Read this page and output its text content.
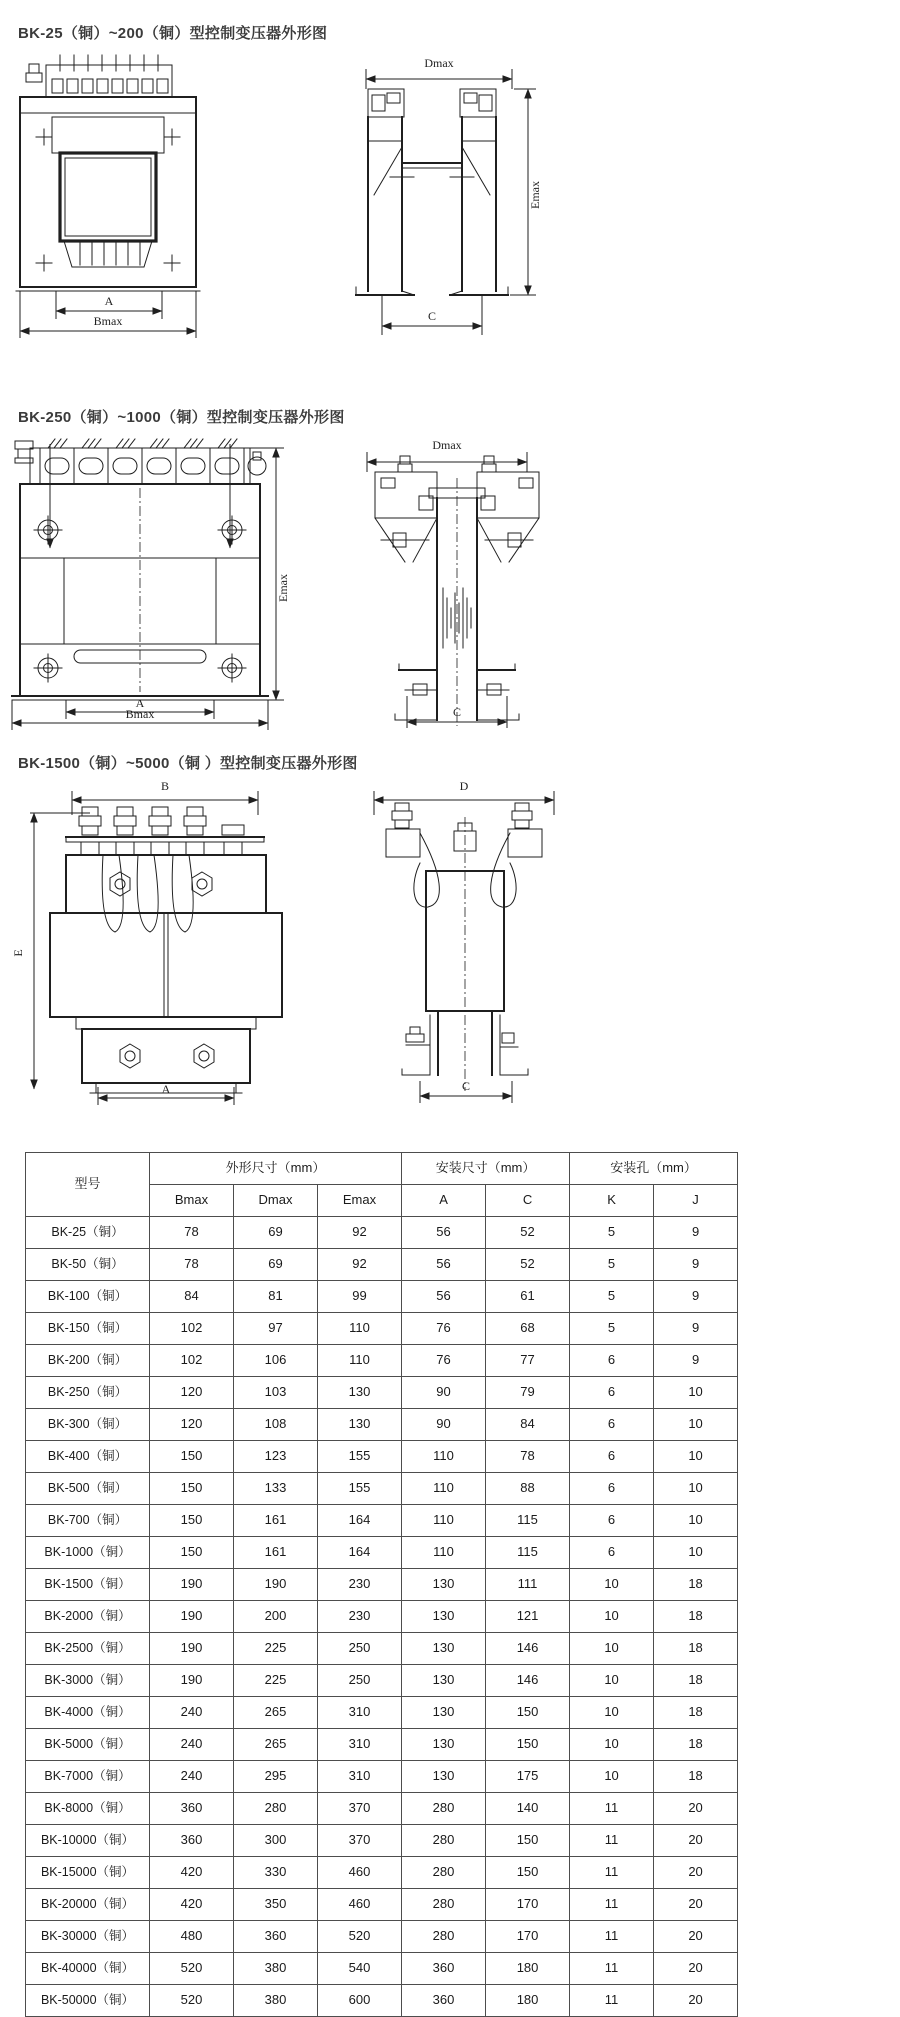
BK-25（铜）~200（铜）型控制变压器外形图
A
Bmax
Dmax
Emax
C
BK-250（铜）~1000（铜）型控制变压器外形图
Emax
A
Bmax
Dmax
C
BK-1500（铜）~5000（铜 ）型控制变压器外形图
B
E
A
D
C
型号	外形尺寸（mm）			安装尺寸（mm）		安装孔（mm）	
	Bmax	Dmax	Emax	A	C	K	J
BK-25（铜）	78	69	92	56	52	5	9
BK-50（铜）	78	69	92	56	52	5	9
BK-100（铜）	84	81	99	56	61	5	9
BK-150（铜）	102	97	110	76	68	5	9
BK-200（铜）	102	106	110	76	77	6	9
BK-250（铜）	120	103	130	90	79	6	10
BK-300（铜）	120	108	130	90	84	6	10
BK-400（铜）	150	123	155	110	78	6	10
BK-500（铜）	150	133	155	110	88	6	10
BK-700（铜）	150	161	164	110	115	6	10
BK-1000（铜）	150	161	164	110	115	6	10
BK-1500（铜）	190	190	230	130	111	10	18
BK-2000（铜）	190	200	230	130	121	10	18
BK-2500（铜）	190	225	250	130	146	10	18
BK-3000（铜）	190	225	250	130	146	10	18
BK-4000（铜）	240	265	310	130	150	10	18
BK-5000（铜）	240	265	310	130	150	10	18
BK-7000（铜）	240	295	310	130	175	10	18
BK-8000（铜）	360	280	370	280	140	11	20
BK-10000（铜）	360	300	370	280	150	11	20
BK-15000（铜）	420	330	460	280	150	11	20
BK-20000（铜）	420	350	460	280	170	11	20
BK-30000（铜）	480	360	520	280	170	11	20
BK-40000（铜）	520	380	540	360	180	11	20
BK-50000（铜）	520	380	600	360	180	11	20
